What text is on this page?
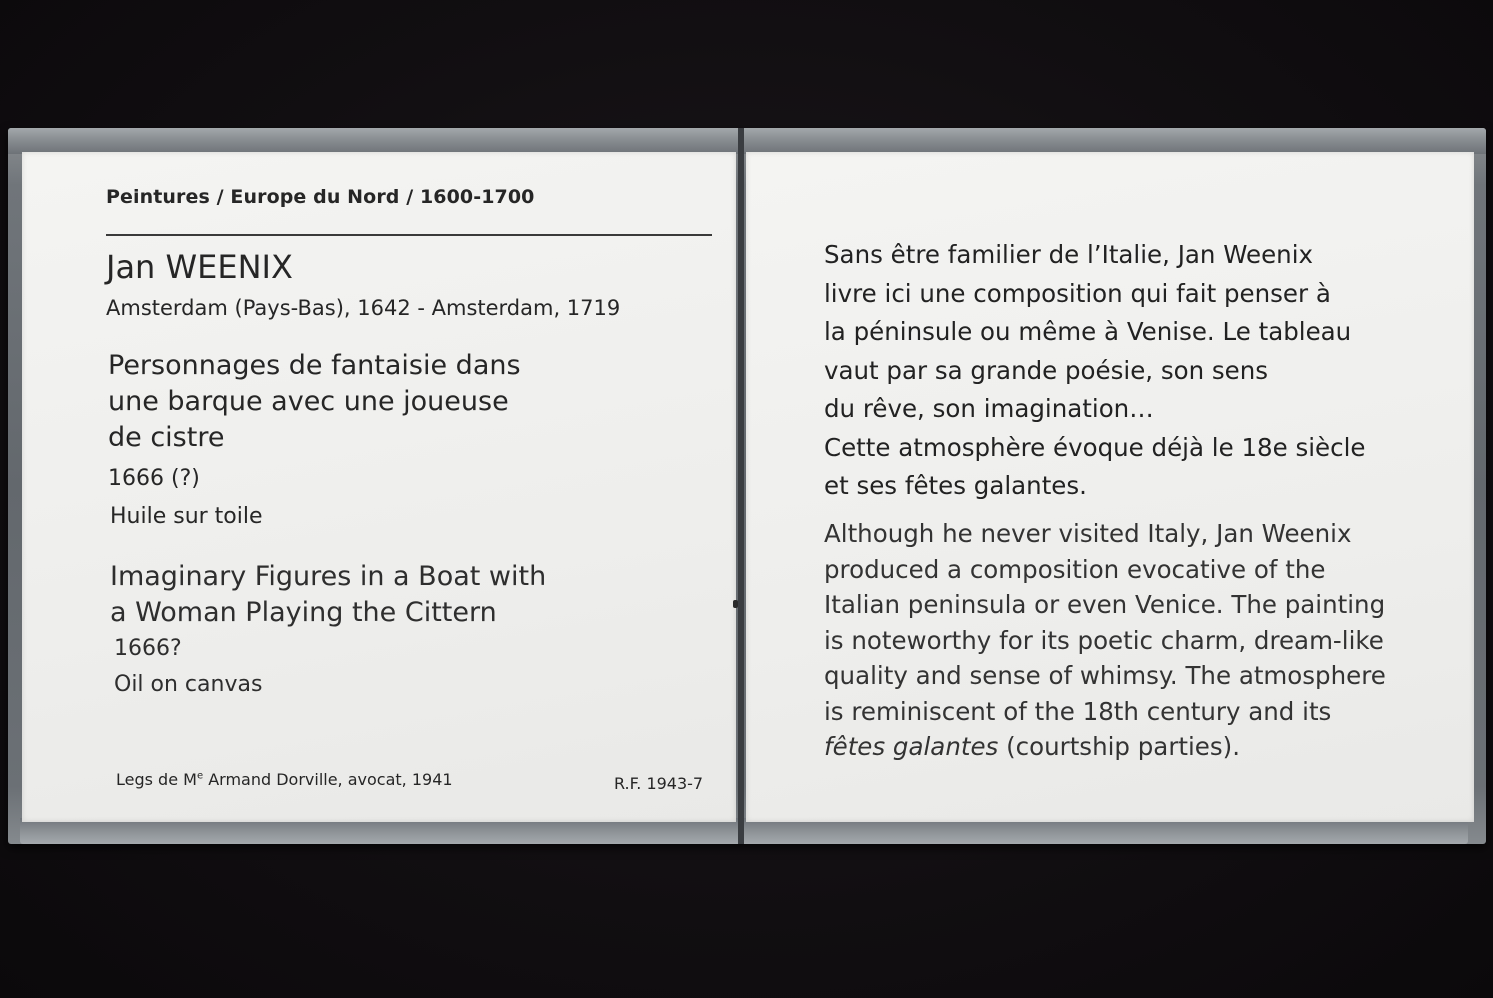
Peintures / Europe du Nord / 1600-1700

Jan WEENIX

Amsterdam (Pays-Bas), 1642 - Amsterdam, 1719

Personnages de fantaisie dans
une barque avec une joueuse
de cistre

1666 (?)

Huile sur toile

Imaginary Figures in a Boat with
a Woman Playing the Cittern

1666?

Oil on canvas

Legs de Me Armand Dorville, avocat, 1941	R.F. 1943-7

Sans être familier de l’Italie, Jan Weenix
livre ici une composition qui fait penser à
la péninsule ou même à Venise. Le tableau
vaut par sa grande poésie, son sens
du rêve, son imagination…
Cette atmosphère évoque déjà le 18e siècle
et ses fêtes galantes.

Although he never visited Italy, Jan Weenix
produced a composition evocative of the
Italian peninsula or even Venice. The painting
is noteworthy for its poetic charm, dream-like
quality and sense of whimsy. The atmosphere
is reminiscent of the 18th century and its
fêtes galantes (courtship parties).
